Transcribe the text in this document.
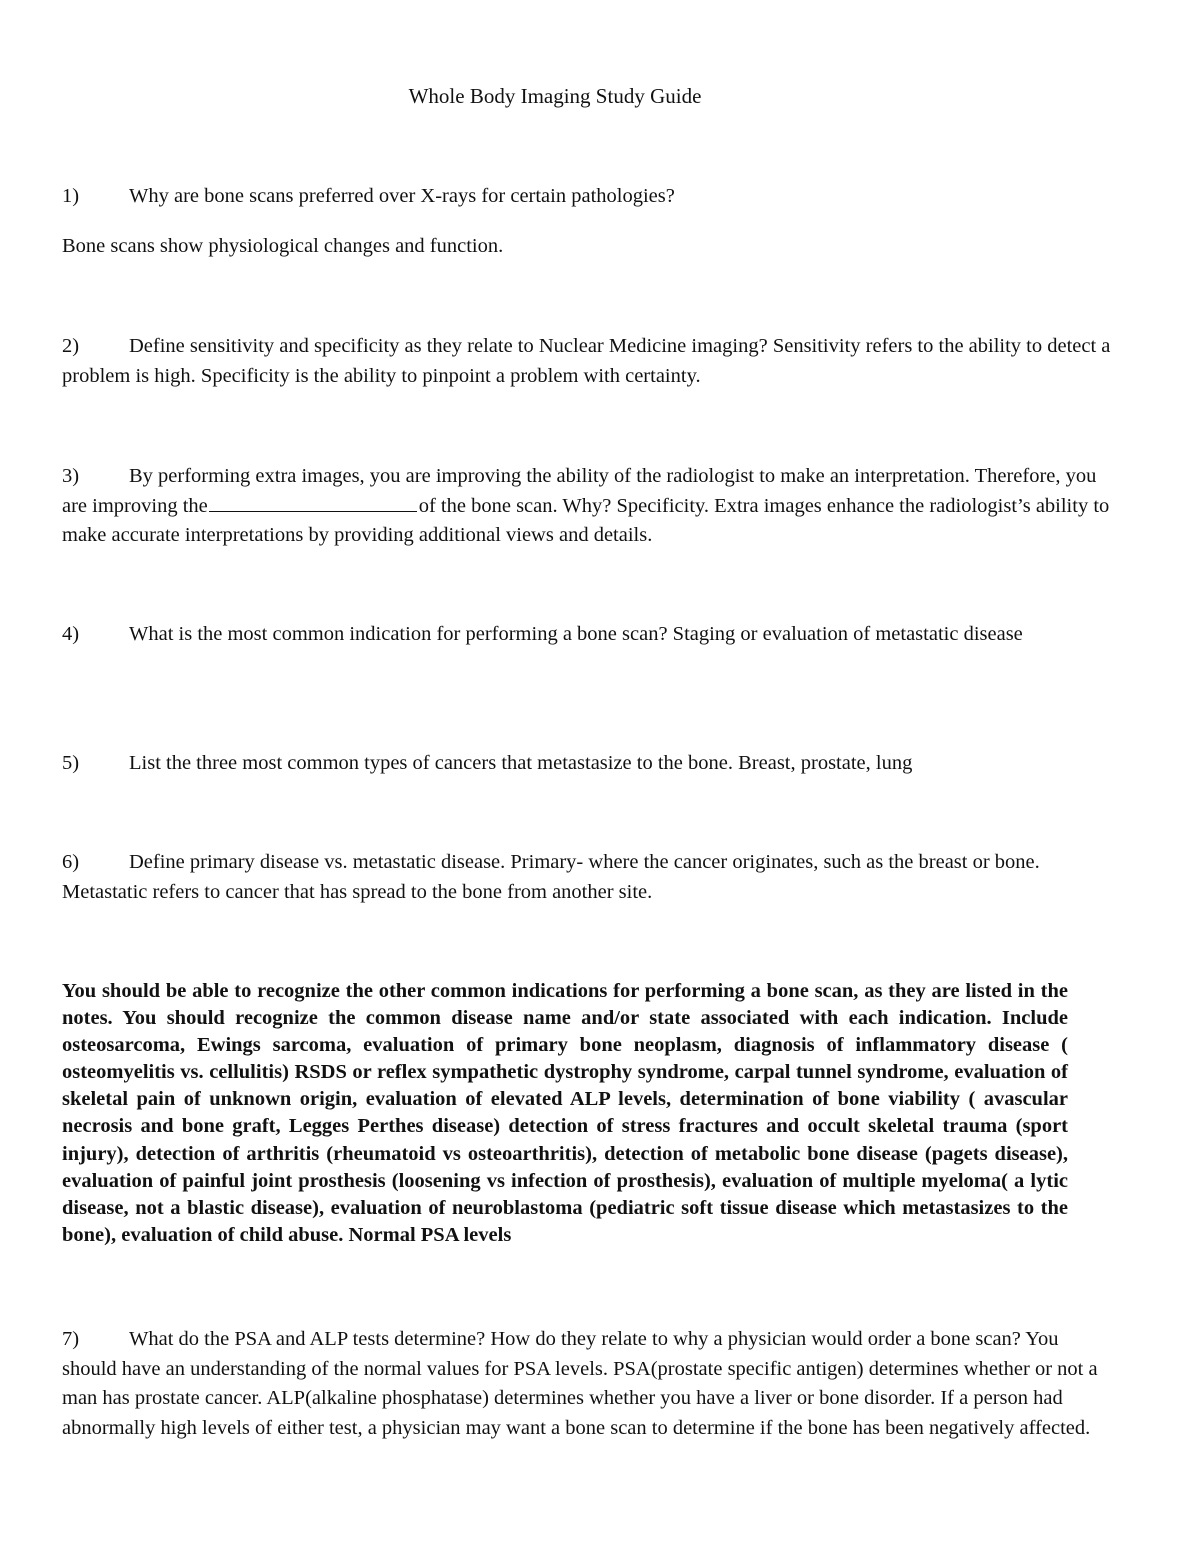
Whole Body Imaging Study Guide
1) Why are bone scans preferred over X-rays for certain pathologies?
Bone scans show physiological changes and function.
2) Define sensitivity and specificity as they relate to Nuclear Medicine imaging? Sensitivity refers to the ability to detect a problem is high. Specificity is the ability to pinpoint a problem with certainty.
3) By performing extra images, you are improving the ability of the radiologist to make an interpretation. Therefore, you are improving the	of the bone scan. Why? Specificity. Extra images enhance the radiologist’s ability to make accurate interpretations by providing additional views and details.
4) What is the most common indication for performing a bone scan? Staging or evaluation of metastatic disease
5) List the three most common types of cancers that metastasize to the bone. Breast, prostate, lung
6) Define primary disease vs. metastatic disease. Primary- where the cancer originates, such as the breast or bone. Metastatic refers to cancer that has spread to the bone from another site.
You should be able to recognize the other common indications for performing a bone scan, as they are listed in the notes. You should recognize the common disease name and/or state associated with each indication. Include osteosarcoma, Ewings sarcoma, evaluation of primary bone neoplasm, diagnosis of inflammatory disease ( osteomyelitis vs. cellulitis) RSDS or reflex sympathetic dystrophy syndrome, carpal tunnel syndrome, evaluation of skeletal pain of unknown origin, evaluation of elevated ALP levels, determination of bone viability ( avascular necrosis and bone graft, Legges Perthes disease) detection of stress fractures and occult skeletal trauma (sport injury), detection of arthritis (rheumatoid vs osteoarthritis), detection of metabolic bone disease (pagets disease), evaluation of painful joint prosthesis (loosening vs infection of prosthesis), evaluation of multiple myeloma( a lytic disease, not a blastic disease), evaluation of neuroblastoma (pediatric soft tissue disease which metastasizes to the bone), evaluation of child abuse. Normal PSA levels
7) What do the PSA and ALP tests determine? How do they relate to why a physician would order a bone scan? You should have an understanding of the normal values for PSA levels. PSA(prostate specific antigen) determines whether or not a man has prostate cancer. ALP(alkaline phosphatase) determines whether you have a liver or bone disorder. If a person had abnormally high levels of either test, a physician may want a bone scan to determine if the bone has been negatively affected.
